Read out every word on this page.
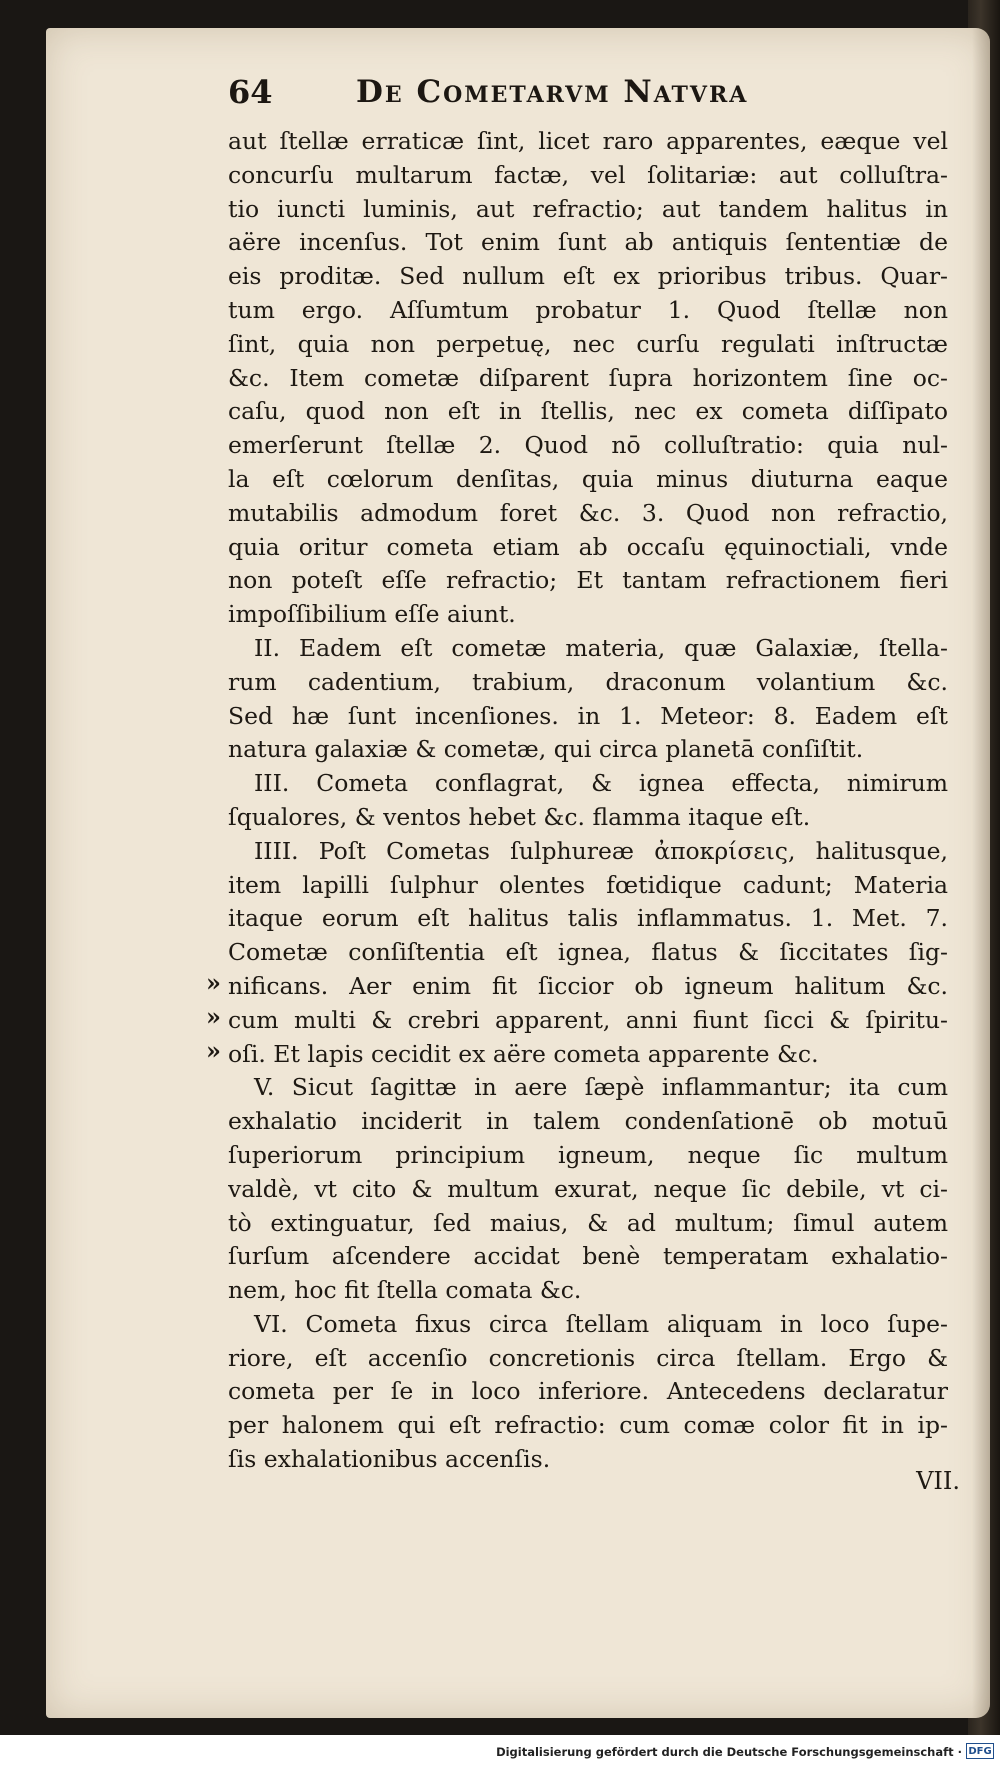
64	De Cometarvm Natvra
aut ſtellæ erraticæ ſint, licet raro apparentes, eæque vel
concurſu multarum factæ, vel ſolitariæ: aut colluſtra-
tio iuncti luminis, aut refractio; aut tandem halitus in
aëre incenſus. Tot enim ſunt ab antiquis ſententiæ de
eis proditæ. Sed nullum eſt ex prioribus tribus. Quar-
tum ergo. Aſſumtum probatur 1. Quod ſtellæ non
ſint, quia non perpetuę, nec curſu regulati inſtructæ
&c. Item cometæ diſparent ſupra horizontem ſine oc-
caſu, quod non eſt in ſtellis, nec ex cometa diſſipato
emerſerunt ſtellæ 2. Quod nō colluſtratio: quia nul-
la eſt cœlorum denſitas, quia minus diuturna eaque
mutabilis admodum foret &c. 3. Quod non refractio,
quia oritur cometa etiam ab occaſu ęquinoctiali, vnde
non poteſt eſſe refractio; Et tantam refractionem fieri
impoſſibilium eſſe aiunt.
II. Eadem eſt cometæ materia, quæ Galaxiæ, ſtella-
rum cadentium, trabium, draconum volantium &c.
Sed hæ ſunt incenſiones. in 1. Meteor: 8. Eadem eſt
natura galaxiæ & cometæ, qui circa planetā conſiſtit.
III. Cometa conflagrat, & ignea effecta, nimirum
ſqualores, & ventos hebet &c. flamma itaque eſt.
IIII. Poſt Cometas ſulphureæ ἀποκρίσεις, halitusque,
item lapilli ſulphur olentes fœtidique cadunt; Materia
itaque eorum eſt halitus talis inflammatus. 1. Met. 7.
Cometæ conſiſtentia eſt ignea, flatus & ſiccitates ſig-
nificans. Aer enim fit ſiccior ob igneum halitum &c.
cum multi & crebri apparent, anni fiunt ſicci & ſpiritu-
oſi. Et lapis cecidit ex aëre cometa apparente &c.
V. Sicut ſagittæ in aere ſæpè inflammantur; ita cum
exhalatio inciderit in talem condenſationē ob motuū
ſuperiorum principium igneum, neque ſic multum
valdè, vt cito & multum exurat, neque ſic debile, vt ci-
tò extinguatur, ſed maius, & ad multum; ſimul autem
ſurſum aſcendere accidat benè temperatam exhalatio-
nem, hoc fit ſtella comata &c.
VI. Cometa fixus circa ſtellam aliquam in loco ſupe-
riore, eſt accenſio concretionis circa ſtellam. Ergo &
cometa per ſe in loco inferiore. Antecedens declaratur
per halonem qui eſt refractio: cum comæ color fit in ip-
ſis exhalationibus accenſis.
»
»
»
VII.
Digitalisierung gefördert durch die Deutsche Forschungsgemeinschaft · DFG
